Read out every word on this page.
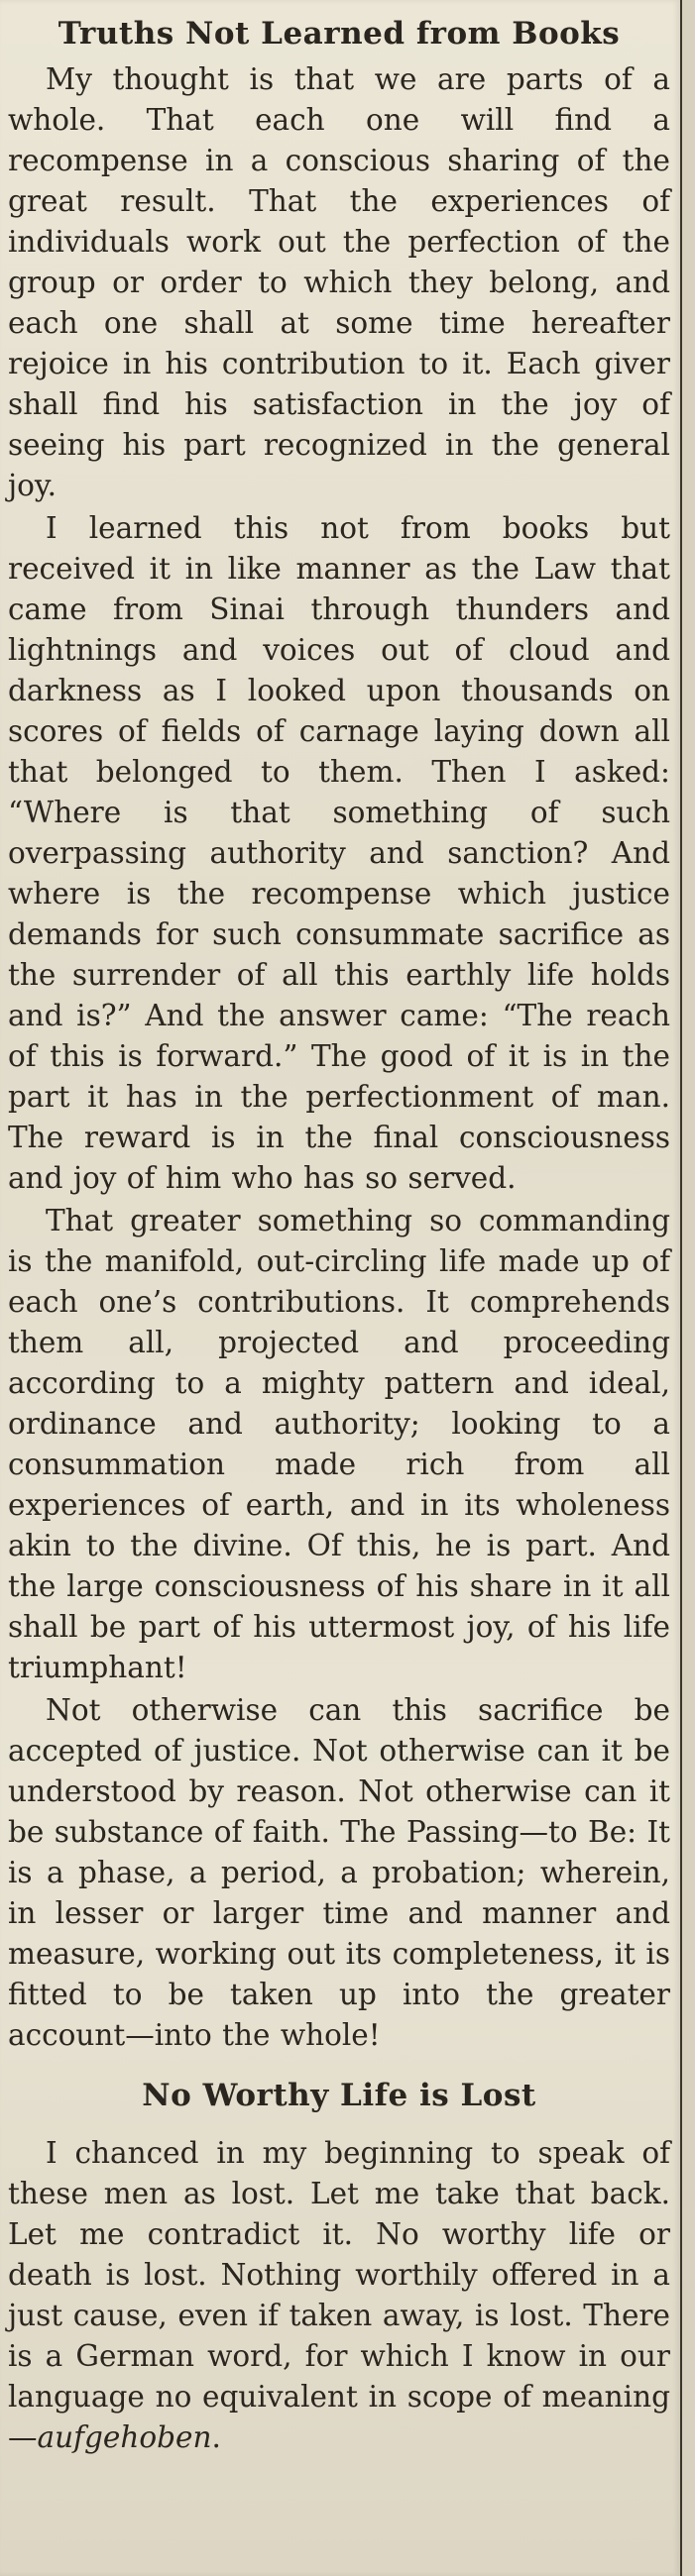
Truths Not Learned from Books

My thought is that we are parts of a whole. That each one will find a recompense in a conscious sharing of the great result. That the experiences of individuals work out the perfection of the group or order to which they belong, and each one shall at some time hereafter rejoice in his contribution to it. Each giver shall find his satisfaction in the joy of seeing his part recognized in the general joy.

I learned this not from books but received it in like manner as the Law that came from Sinai through thunders and lightnings and voices out of cloud and darkness as I looked upon thousands on scores of fields of carnage laying down all that belonged to them. Then I asked: “Where is that something of such overpassing authority and sanction? And where is the recompense which justice demands for such consummate sacrifice as the surrender of all this earthly life holds and is?” And the answer came: “The reach of this is forward.” The good of it is in the part it has in the perfectionment of man. The reward is in the final consciousness and joy of him who has so served.

That greater something so commanding is the manifold, out-circling life made up of each one’s contributions. It comprehends them all, projected and proceeding according to a mighty pattern and ideal, ordinance and authority; looking to a consummation made rich from all experiences of earth, and in its wholeness akin to the divine. Of this, he is part. And the large consciousness of his share in it all shall be part of his uttermost joy, of his life triumphant!

Not otherwise can this sacrifice be accepted of justice. Not otherwise can it be understood by reason. Not otherwise can it be substance of faith. The Passing—to Be: It is a phase, a period, a probation; wherein, in lesser or larger time and manner and measure, working out its completeness, it is fitted to be taken up into the greater account—into the whole!

No Worthy Life is Lost

I chanced in my beginning to speak of these men as lost. Let me take that back. Let me contradict it. No worthy life or death is lost. Nothing worthily offered in a just cause, even if taken away, is lost. There is a German word, for which I know in our language no equivalent in scope of meaning—aufgehoben.
